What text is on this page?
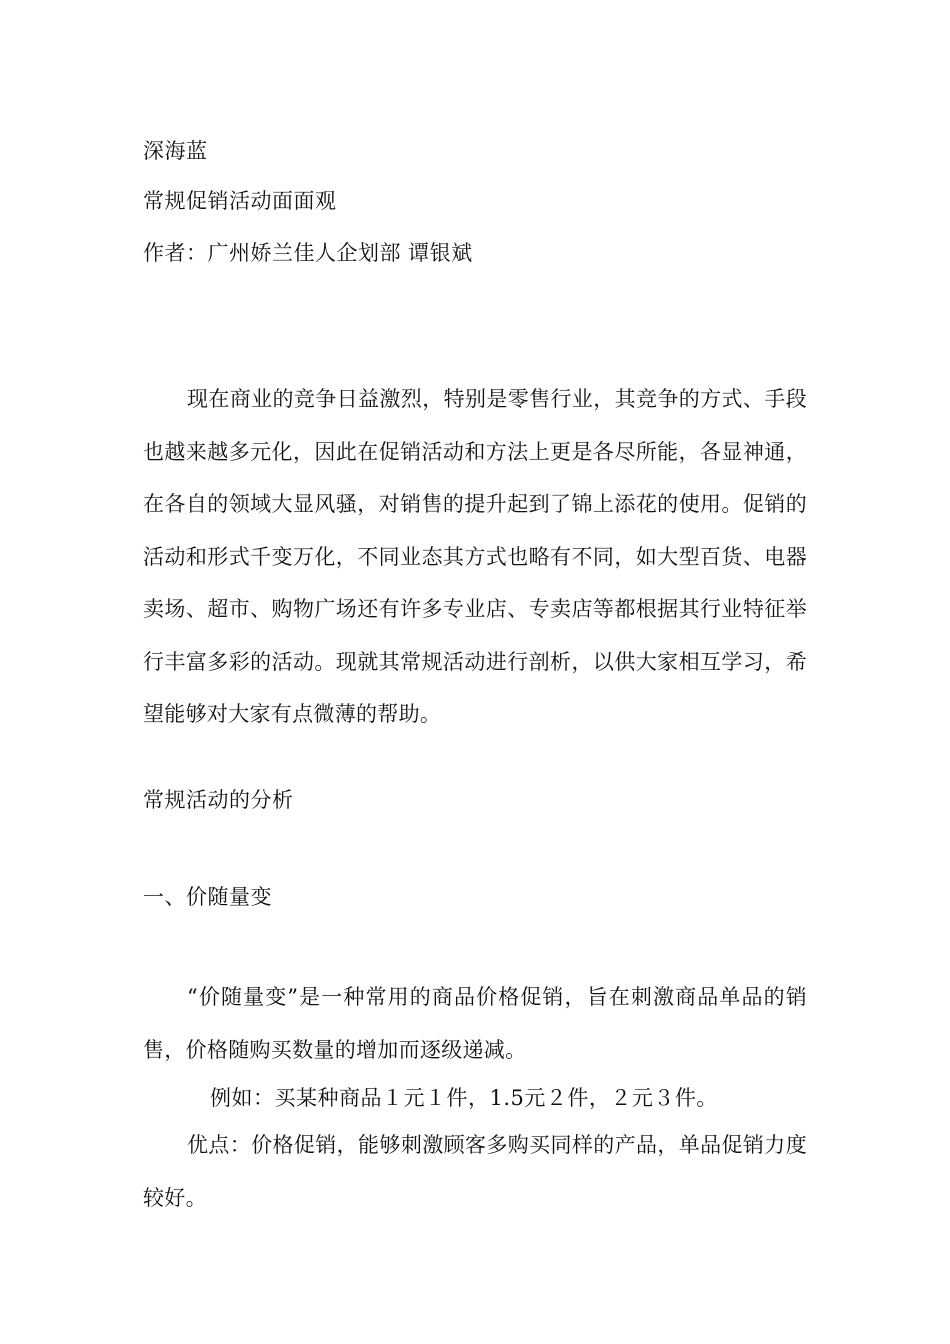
深海蓝
常规促销活动面面观
作者：广州娇兰佳人企划部 谭银斌
现在商业的竞争日益激烈，特别是零售行业，其竞争的方式、手段也越来越多元化，因此在促销活动和方法上更是各尽所能，各显神通，在各自的领域大显风骚，对销售的提升起到了锦上添花的使用。促销的活动和形式千变万化，不同业态其方式也略有不同，如大型百货、电器卖场、超市、购物广场还有许多专业店、专卖店等都根据其行业特征举行丰富多彩的活动。现就其常规活动进行剖析，以供大家相互学习，希望能够对大家有点微薄的帮助。
常规活动的分析
一、价随量变
“价随量变”是一种常用的商品价格促销，旨在刺激商品单品的销售，价格随购买数量的增加而逐级递减。
例如：买某种商品１元１件，1.5元２件，２元３件。
优点：价格促销，能够刺激顾客多购买同样的产品，单品促销力度较好。
